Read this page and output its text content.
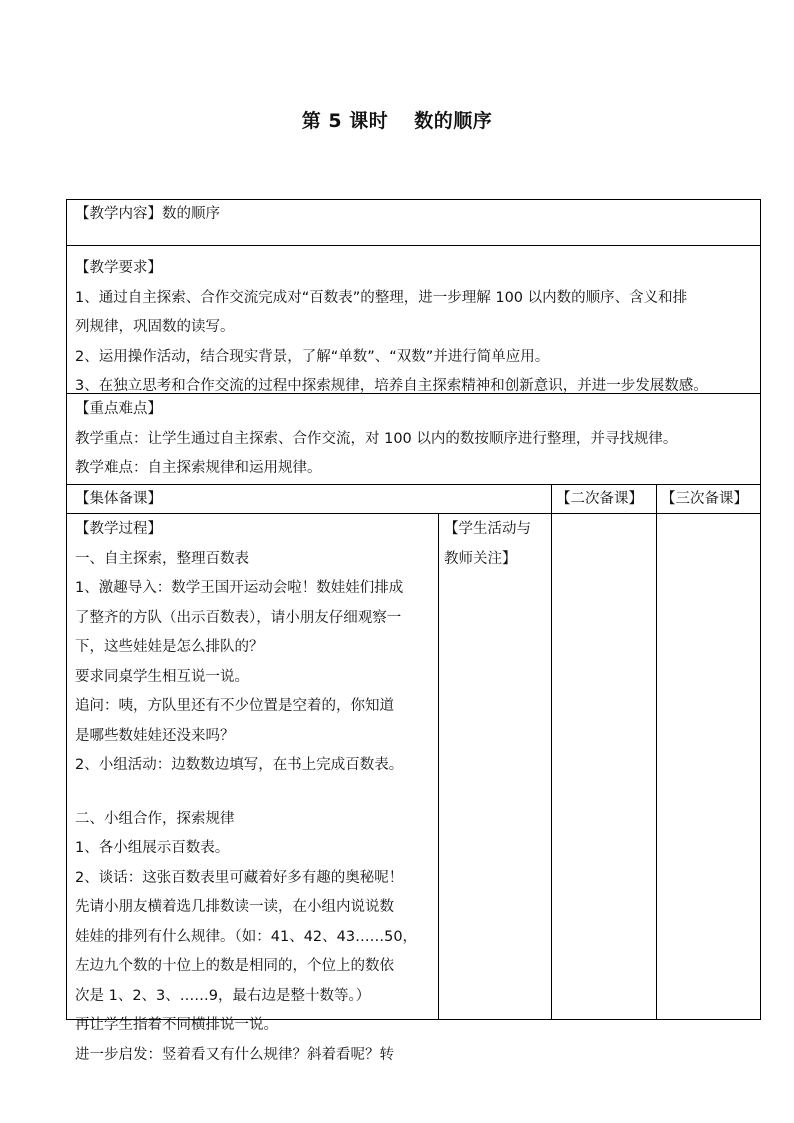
第 5 课时 数的顺序

【教学内容】数的顺序

【教学要求】
1、通过自主探索、合作交流完成对“百数表”的整理，进一步理解 100 以内数的顺序、含义和排
列规律，巩固数的读写。
2、运用操作活动，结合现实背景，了解“单数”、“双数”并进行简单应用。
3、在独立思考和合作交流的过程中探索规律，培养自主探索精神和创新意识，并进一步发展数感。

【重点难点】
教学重点：让学生通过自主探索、合作交流，对 100 以内的数按顺序进行整理，并寻找规律。
教学难点：自主探索规律和运用规律。

【集体备课】	【二次备课】	【三次备课】

【教学过程】
一、自主探索，整理百数表
1、激趣导入：数学王国开运动会啦！数娃娃们排成
了整齐的方队（出示百数表），请小朋友仔细观察一
下，这些娃娃是怎么排队的？
要求同桌学生相互说一说。
追问：咦，方队里还有不少位置是空着的，你知道
是哪些数娃娃还没来吗？
2、小组活动：边数数边填写，在书上完成百数表。
二、小组合作，探索规律
1、各小组展示百数表。
2、谈话：这张百数表里可藏着好多有趣的奥秘呢！
先请小朋友横着选几排数读一读，在小组内说说数
娃娃的排列有什么规律。（如：41、42、43……50，
左边九个数的十位上的数是相同的，个位上的数依
次是 1、2、3、……9，最右边是整十数等。）
再让学生指着不同横排说一说。
进一步启发：竖着看又有什么规律？斜着看呢？转

【学生活动与
教师关注】
